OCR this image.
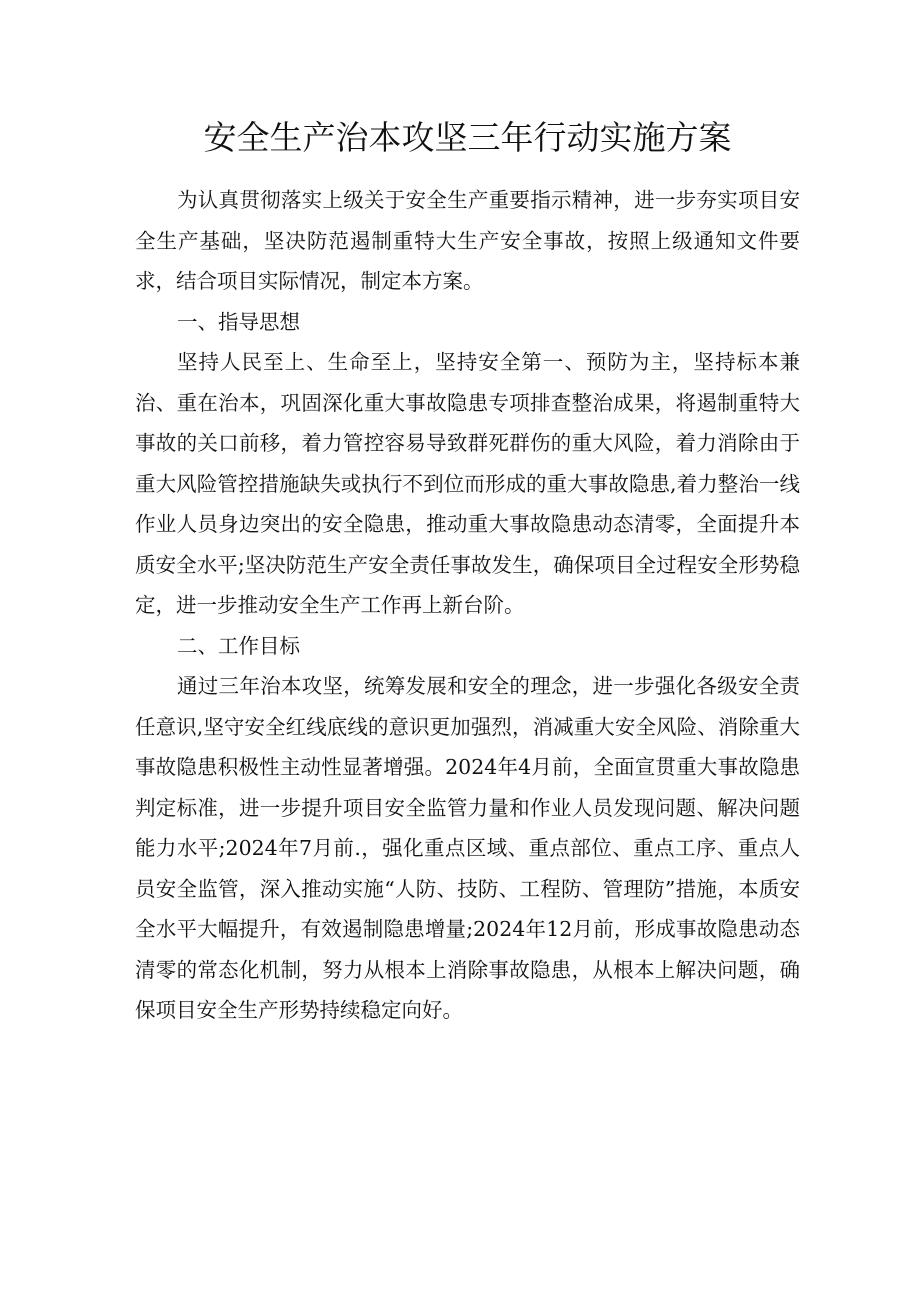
安全生产治本攻坚三年行动实施方案

为认真贯彻落实上级关于安全生产重要指示精神，进一步夯实项目安全生产基础，坚决防范遏制重特大生产安全事故，按照上级通知文件要求，结合项目实际情况，制定本方案。

一、指导思想

坚持人民至上、生命至上，坚持安全第一、预防为主，坚持标本兼治、重在治本，巩固深化重大事故隐患专项排查整治成果，将遏制重特大事故的关口前移，着力管控容易导致群死群伤的重大风险，着力消除由于重大风险管控措施缺失或执行不到位而形成的重大事故隐患,着力整治一线作业人员身边突出的安全隐患，推动重大事故隐患动态清零，全面提升本质安全水平;坚决防范生产安全责任事故发生，确保项目全过程安全形势稳定，进一步推动安全生产工作再上新台阶。

二、工作目标

通过三年治本攻坚，统筹发展和安全的理念，进一步强化各级安全责任意识,坚守安全红线底线的意识更加强烈，消减重大安全风险、消除重大事故隐患积极性主动性显著增强。2024年4月前，全面宣贯重大事故隐患判定标准，进一步提升项目安全监管力量和作业人员发现问题、解决问题能力水平;2024年7月前.，强化重点区域、重点部位、重点工序、重点人员安全监管，深入推动实施“人防、技防、工程防、管理防”措施，本质安全水平大幅提升，有效遏制隐患增量;2024年12月前，形成事故隐患动态清零的常态化机制，努力从根本上消除事故隐患，从根本上解决问题，确保项目安全生产形势持续稳定向好。
